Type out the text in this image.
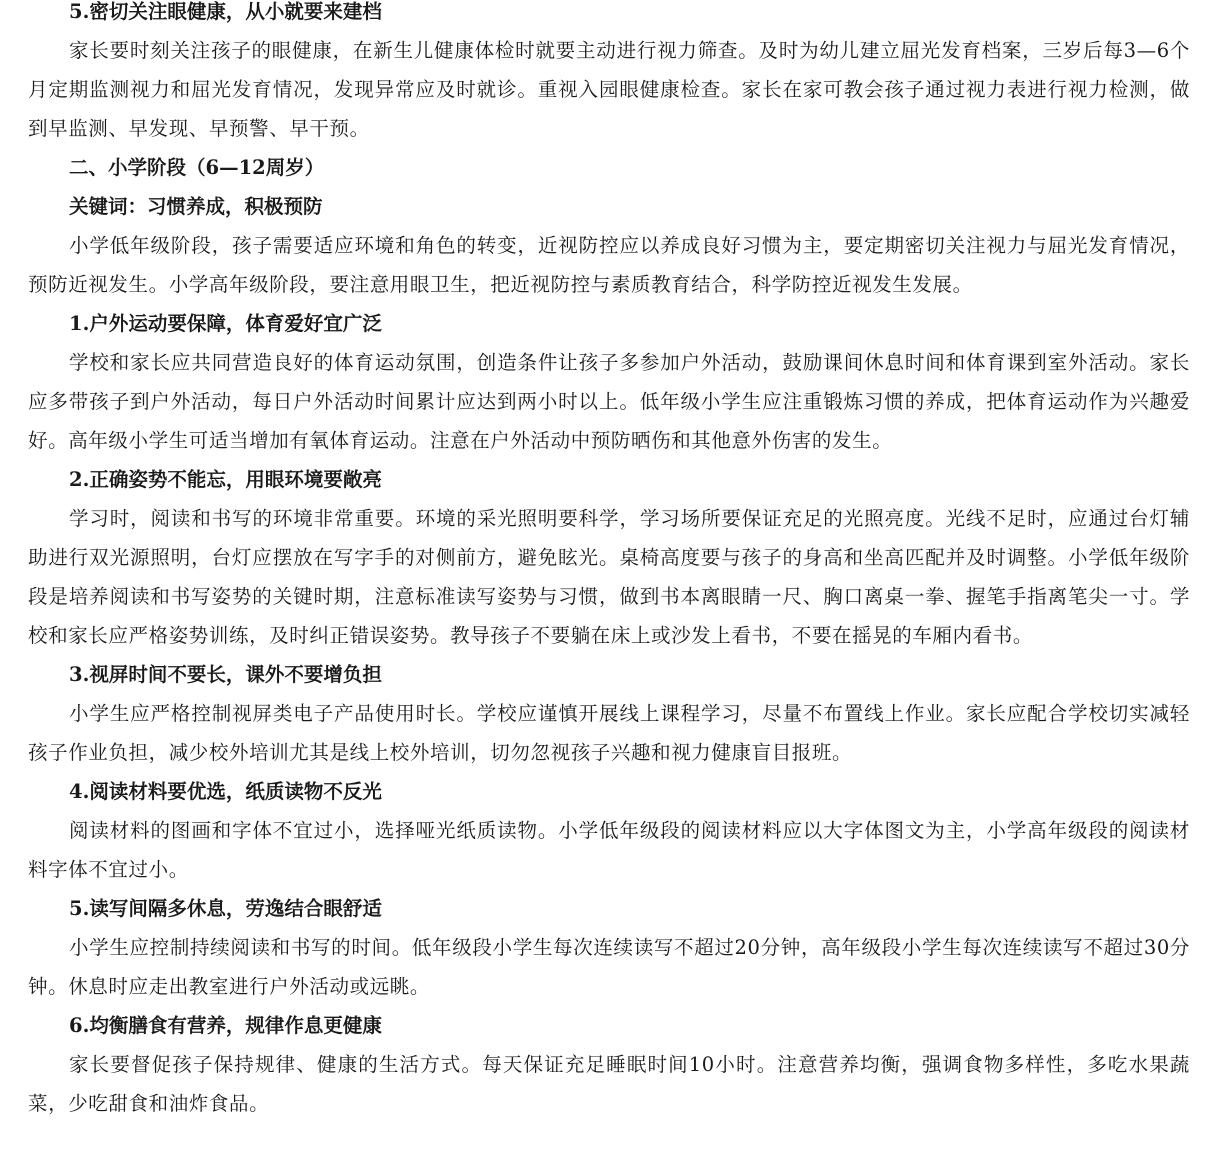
5.密切关注眼健康，从小就要来建档

家长要时刻关注孩子的眼健康，在新生儿健康体检时就要主动进行视力筛查。及时为幼儿建立屈光发育档案，三岁后每3—6个月定期监测视力和屈光发育情况，发现异常应及时就诊。重视入园眼健康检查。家长在家可教会孩子通过视力表进行视力检测，做到早监测、早发现、早预警、早干预。

二、小学阶段（6—12周岁）
关键词：习惯养成，积极预防

小学低年级阶段，孩子需要适应环境和角色的转变，近视防控应以养成良好习惯为主，要定期密切关注视力与屈光发育情况，预防近视发生。小学高年级阶段，要注意用眼卫生，把近视防控与素质教育结合，科学防控近视发生发展。

1.户外运动要保障，体育爱好宜广泛

学校和家长应共同营造良好的体育运动氛围，创造条件让孩子多参加户外活动，鼓励课间休息时间和体育课到室外活动。家长应多带孩子到户外活动，每日户外活动时间累计应达到两小时以上。低年级小学生应注重锻炼习惯的养成，把体育运动作为兴趣爱好。高年级小学生可适当增加有氧体育运动。注意在户外活动中预防晒伤和其他意外伤害的发生。

2.正确姿势不能忘，用眼环境要敞亮

学习时，阅读和书写的环境非常重要。环境的采光照明要科学，学习场所要保证充足的光照亮度。光线不足时，应通过台灯辅助进行双光源照明，台灯应摆放在写字手的对侧前方，避免眩光。桌椅高度要与孩子的身高和坐高匹配并及时调整。小学低年级阶段是培养阅读和书写姿势的关键时期，注意标准读写姿势与习惯，做到书本离眼睛一尺、胸口离桌一拳、握笔手指离笔尖一寸。学校和家长应严格姿势训练，及时纠正错误姿势。教导孩子不要躺在床上或沙发上看书，不要在摇晃的车厢内看书。

3.视屏时间不要长，课外不要增负担

小学生应严格控制视屏类电子产品使用时长。学校应谨慎开展线上课程学习，尽量不布置线上作业。家长应配合学校切实减轻孩子作业负担，减少校外培训尤其是线上校外培训，切勿忽视孩子兴趣和视力健康盲目报班。

4.阅读材料要优选，纸质读物不反光

阅读材料的图画和字体不宜过小，选择哑光纸质读物。小学低年级段的阅读材料应以大字体图文为主，小学高年级段的阅读材料字体不宜过小。

5.读写间隔多休息，劳逸结合眼舒适

小学生应控制持续阅读和书写的时间。低年级段小学生每次连续读写不超过20分钟，高年级段小学生每次连续读写不超过30分钟。休息时应走出教室进行户外活动或远眺。

6.均衡膳食有营养，规律作息更健康

家长要督促孩子保持规律、健康的生活方式。每天保证充足睡眠时间10小时。注意营养均衡，强调食物多样性，多吃水果蔬菜，少吃甜食和油炸食品。
